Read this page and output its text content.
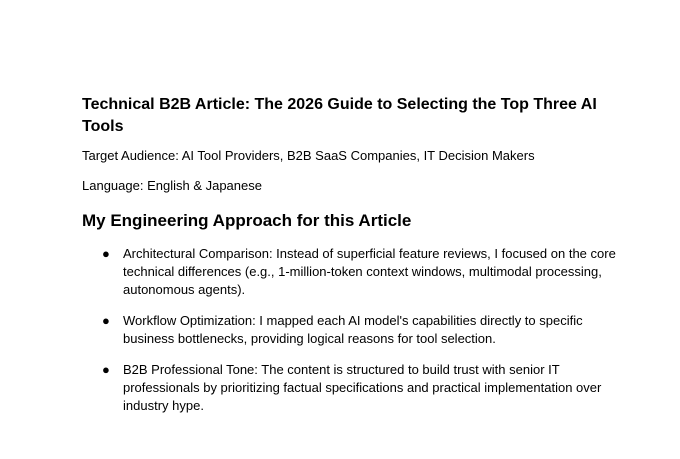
Technical B2B Article: The 2026 Guide to Selecting the Top Three AI Tools

Target Audience: AI Tool Providers, B2B SaaS Companies, IT Decision Makers

Language: English & Japanese

My Engineering Approach for this Article
● Architectural Comparison: Instead of superficial feature reviews, I focused on the core technical differences (e.g., 1-million-token context windows, multimodal processing, autonomous agents).
● Workflow Optimization: I mapped each AI model's capabilities directly to specific business bottlenecks, providing logical reasons for tool selection.
● B2B Professional Tone: The content is structured to build trust with senior IT professionals by prioritizing factual specifications and practical implementation over industry hype.
